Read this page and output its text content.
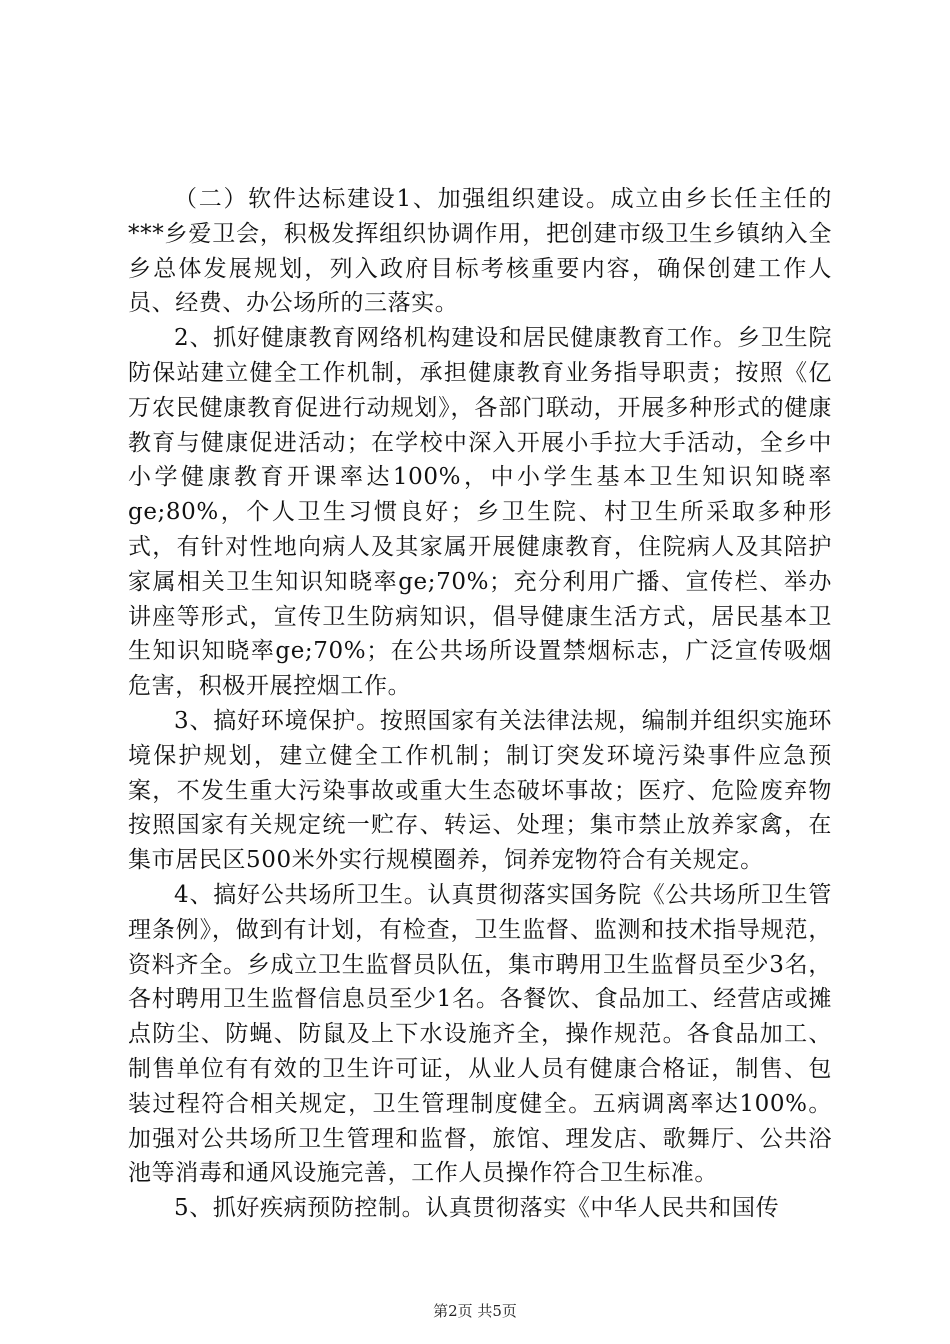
（二）软件达标建设1、加强组织建设。成立由乡长任主任的***乡爱卫会，积极发挥组织协调作用，把创建市级卫生乡镇纳入全乡总体发展规划，列入政府目标考核重要内容，确保创建工作人员、经费、办公场所的三落实。

2、抓好健康教育网络机构建设和居民健康教育工作。乡卫生院防保站建立健全工作机制，承担健康教育业务指导职责；按照《亿万农民健康教育促进行动规划》，各部门联动，开展多种形式的健康教育与健康促进活动；在学校中深入开展小手拉大手活动，全乡中小学健康教育开课率达100%，中小学生基本卫生知识知晓率ge;80%，个人卫生习惯良好；乡卫生院、村卫生所采取多种形式，有针对性地向病人及其家属开展健康教育，住院病人及其陪护家属相关卫生知识知晓率ge;70%；充分利用广播、宣传栏、举办讲座等形式，宣传卫生防病知识，倡导健康生活方式，居民基本卫生知识知晓率ge;70%；在公共场所设置禁烟标志，广泛宣传吸烟危害，积极开展控烟工作。

3、搞好环境保护。按照国家有关法律法规，编制并组织实施环境保护规划，建立健全工作机制；制订突发环境污染事件应急预案，不发生重大污染事故或重大生态破坏事故；医疗、危险废弃物按照国家有关规定统一贮存、转运、处理；集市禁止放养家禽，在集市居民区500米外实行规模圈养，饲养宠物符合有关规定。

4、搞好公共场所卫生。认真贯彻落实国务院《公共场所卫生管理条例》，做到有计划，有检查，卫生监督、监测和技术指导规范，资料齐全。乡成立卫生监督员队伍，集市聘用卫生监督员至少3名，各村聘用卫生监督信息员至少1名。各餐饮、食品加工、经营店或摊点防尘、防蝇、防鼠及上下水设施齐全，操作规范。各食品加工、制售单位有有效的卫生许可证，从业人员有健康合格证，制售、包装过程符合相关规定，卫生管理制度健全。五病调离率达100%。加强对公共场所卫生管理和监督，旅馆、理发店、歌舞厅、公共浴池等消毒和通风设施完善，工作人员操作符合卫生标准。

5、抓好疾病预防控制。认真贯彻落实《中华人民共和国传

第2页 共5页
